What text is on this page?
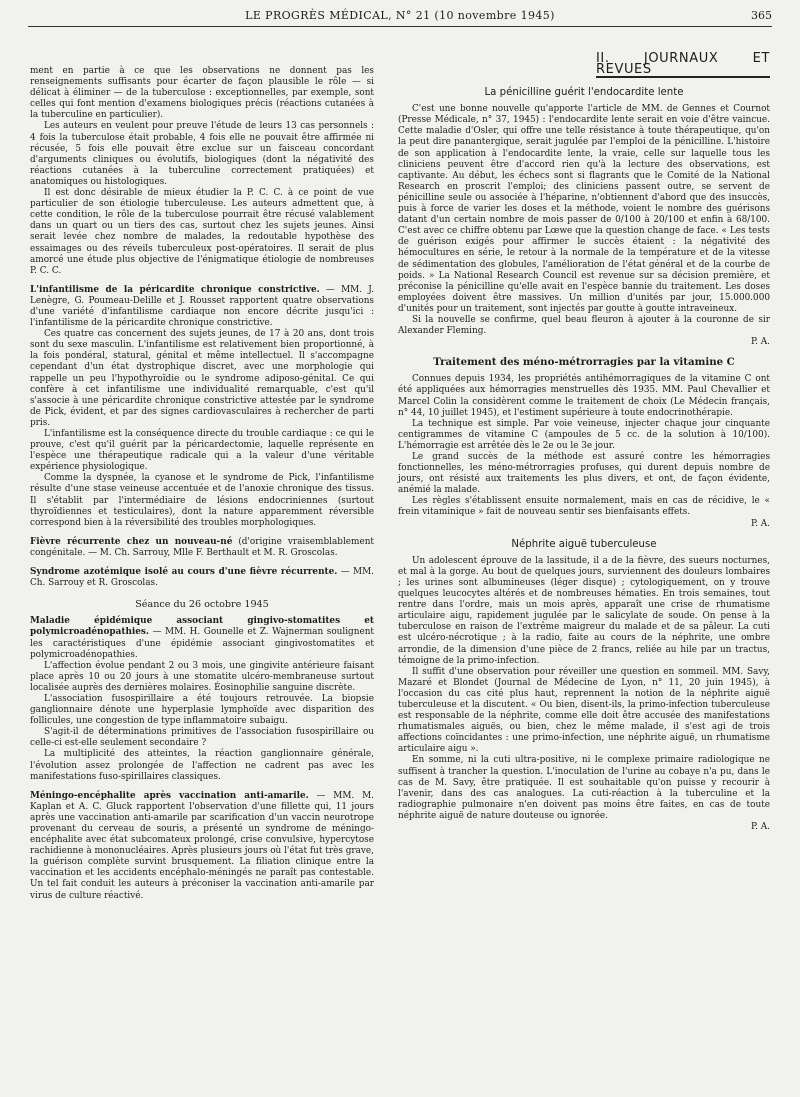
LE PROGRÈS MÉDICAL, N° 21 (10 novembre 1945)	365

ment en partie à ce que les observations ne donnent pas les renseignements suffisants pour écarter de façon plausible le rôle — si délicat à éliminer — de la tuberculose : exceptionnelles, par exemple, sont celles qui font mention d'examens biologiques précis (réactions cutanées à la tuberculine en particulier).

Les auteurs en veulent pour preuve l'étude de leurs 13 cas personnels : 4 fois la tuberculose était probable, 4 fois elle ne pouvait être affirmée ni récusée, 5 fois elle pouvait être exclue sur un faisceau concordant d'arguments cliniques ou évolutifs, biologiques (dont la négativité des réactions cutanées à la tuberculine correctement pratiquées) et anatomiques ou histologiques.

Il est donc désirable de mieux étudier la P. C. C. à ce point de vue particulier de son étiologie tuberculeuse. Les auteurs admettent que, à cette condition, le rôle de la tuberculose pourrait être récusé valablement dans un quart ou un tiers des cas, surtout chez les sujets jeunes. Ainsi serait levée chez nombre de malades, la redoutable hypothèse des essaimages ou des réveils tuberculeux post-opératoires. Il serait de plus amorcé une étude plus objective de l'énigmatique étiologie de nombreuses P. C. C.

L'infantilisme de la péricardite chronique constrictive. — MM. J. Lenègre, G. Poumeau-Delille et J. Rousset rapportent quatre observations d'une variété d'infantilisme cardiaque non encore décrite jusqu'ici : l'infantilisme de la péricardite chronique constrictive.

Ces quatre cas concernent des sujets jeunes, de 17 à 20 ans, dont trois sont du sexe masculin. L'infantilisme est relativement bien proportionné, à la fois pondéral, statural, génital et même intellectuel. Il s'accompagne cependant d'un état dystrophique discret, avec une morphologie qui rappelle un peu l'hypothyroïdie ou le syndrome adiposo-génital. Ce qui confère à cet infantilisme une individualité remarquable, c'est qu'il s'associe à une péricardite chronique constrictive attestée par le syndrome de Pick, évident, et par des signes cardiovasculaires à rechercher de parti pris.

L'infantilisme est la conséquence directe du trouble cardiaque : ce qui le prouve, c'est qu'il guérit par la péricardectomie, laquelle représente en l'espèce une thérapeutique radicale qui a la valeur d'une véritable expérience physiologique.

Comme la dyspnée, la cyanose et le syndrome de Pick, l'infantilisme résulte d'une stase veineuse accentuée et de l'anoxie chronique des tissus. Il s'établit par l'intermédiaire de lésions endocriniennes (surtout thyroïdiennes et testiculaires), dont la nature apparemment réversible correspond bien à la réversibilité des troubles morphologiques.

Fièvre récurrente chez un nouveau-né (d'origine vraisemblablement congénitale. — M. Ch. Sarrouy, Mlle F. Berthault et M. R. Groscolas.

Syndrome azotémique isolé au cours d'une fièvre récurrente. — MM. Ch. Sarrouy et R. Groscolas.

Séance du 26 octobre 1945

Maladie épidémique associant gingivo-stomatites et polymicroadénopathies. — MM. H. Gounelle et Z. Wajnerman soulignent les caractéristiques d'une épidémie associant gingivostomatites et polymicroadénopathies.

L'affection évolue pendant 2 ou 3 mois, une gingivite antérieure faisant place après 10 ou 20 jours à une stomatite ulcéro-membraneuse surtout localisée auprès des dernières molaires. Éosinophilie sanguine discrète.

L'association fusospirillaire a été toujours retrouvée. La biopsie ganglionnaire dénote une hyperplasie lymphoïde avec disparition des follicules, une congestion de type inflammatoire subaigu.

S'agit-il de déterminations primitives de l'association fusospirillaire ou celle-ci est-elle seulement secondaire ?

La multiplicité des atteintes, la réaction ganglionnaire générale, l'évolution assez prolongée de l'affection ne cadrent pas avec les manifestations fuso-spirillaires classiques.

Méningo-encéphalite après vaccination anti-amarile. — MM. M. Kaplan et A. C. Gluck rapportent l'observation d'une fillette qui, 11 jours après une vaccination anti-amarile par scarification d'un vaccin neurotrope provenant du cerveau de souris, a présenté un syndrome de méningo-encéphalite avec état subcomateux prolongé, crise convulsive, hypercytose rachidienne à mononucléaires. Après plusieurs jours où l'état fut très grave, la guérison complète survint brusquement. La filiation clinique entre la vaccination et les accidents encéphalo-méningés ne paraît pas contestable. Un tel fait conduit les auteurs à préconiser la vaccination anti-amarile par virus de culture réactivé.

II. JOURNAUX ET REVUES
La pénicilline guérit l'endocardite lente

C'est une bonne nouvelle qu'apporte l'article de MM. de Gennes et Cournot (Presse Médicale, n° 37, 1945) : l'endocardite lente serait en voie d'être vaincue. Cette maladie d'Osler, qui offre une telle résistance à toute thérapeutique, qu'on la peut dire panantergique, serait jugulée par l'emploi de la pénicilline. L'histoire de son application à l'endocardite lente, la vraie, celle sur laquelle tous les cliniciens peuvent être d'accord rien qu'à la lecture des observations, est captivante. Au début, les échecs sont si flagrants que le Comité de la National Research en proscrit l'emploi; des cliniciens passent outre, se servent de pénicilline seule ou associée à l'héparine, n'obtiennent d'abord que des insuccès, puis à force de varier les doses et la méthode, voient le nombre des guérisons datant d'un certain nombre de mois passer de 0/100 à 20/100 et enfin à 68/100. C'est avec ce chiffre obtenu par Lœwe que la question change de face. « Les tests de guérison exigés pour affirmer le succès étaient : la négativité des hémocultures en série, le retour à la normale de la température et de la vitesse de sédimentation des globules, l'amélioration de l'état général et de la courbe de poids. » La National Research Council est revenue sur sa décision première, et préconise la pénicilline qu'elle avait en l'espèce bannie du traitement. Les doses employées doivent être massives. Un million d'unités par jour, 15.000.000 d'unités pour un traitement, sont injectés par goutte à goutte intraveineux.

Si la nouvelle se confirme, quel beau fleuron à ajouter à la couronne de sir Alexander Fleming.

P. A.

Traitement des méno-métrorragies par la vitamine C

Connues depuis 1934, les propriétés antihémorragiques de la vitamine C ont été appliquées aux hémorragies menstruelles dès 1935. MM. Paul Chevallier et Marcel Colin la considèrent comme le traitement de choix (Le Médecin français, n° 44, 10 juillet 1945), et l'estiment supérieure à toute endocrinothérapie.

La technique est simple. Par voie veineuse, injecter chaque jour cinquante centigrammes de vitamine C (ampoules de 5 cc. de la solution à 10/100). L'hémorragie est arrêtée dès le 2e ou le 3e jour.

Le grand succès de la méthode est assuré contre les hémorragies fonctionnelles, les méno-métrorragies profuses, qui durent depuis nombre de jours, ont résisté aux traitements les plus divers, et ont, de façon évidente, anémié la malade.

Les règles s'établissent ensuite normalement, mais en cas de récidive, le « frein vitaminique » fait de nouveau sentir ses bienfaisants effets.

P. A.

Néphrite aiguë tuberculeuse

Un adolescent éprouve de la lassitude, il a de la fièvre, des sueurs nocturnes, et mal à la gorge. Au bout de quelques jours, surviennent des douleurs lombaires ; les urines sont albumineuses (léger disque) ; cytologiquement, on y trouve quelques leucocytes altérés et de nombreuses hématies. En trois semaines, tout rentre dans l'ordre, mais un mois après, apparaît une crise de rhumatisme articulaire aigu, rapidement jugulée par le salicylate de soude. On pense à la tuberculose en raison de l'extrême maigreur du malade et de sa pâleur. La cuti est ulcéro-nécrotique ; à la radio, faite au cours de la néphrite, une ombre arrondie, de la dimension d'une pièce de 2 francs, reliée au hile par un tractus, témoigne de la primo-infection.

Il suffit d'une observation pour réveiller une question en sommeil. MM. Savy, Mazaré et Blondet (Journal de Médecine de Lyon, n° 11, 20 juin 1945), à l'occasion du cas cité plus haut, reprennent la notion de la néphrite aiguë tuberculeuse et la discutent. « Ou bien, disent-ils, la primo-infection tuberculeuse est responsable de la néphrite, comme elle doit être accusée des manifestations rhumatismales aiguës, ou bien, chez le même malade, il s'est agi de trois affections coïncidantes : une primo-infection, une néphrite aiguë, un rhumatisme articulaire aigu ».

En somme, ni la cuti ultra-positive, ni le complexe primaire radiologique ne suffisent à trancher la question. L'inoculation de l'urine au cobaye n'a pu, dans le cas de M. Savy, être pratiquée. Il est souhaitable qu'on puisse y recourir à l'avenir, dans des cas analogues. La cuti-réaction à la tuberculine et la radiographie pulmonaire n'en doivent pas moins être faites, en cas de toute néphrite aiguë de nature douteuse ou ignorée.

P. A.
